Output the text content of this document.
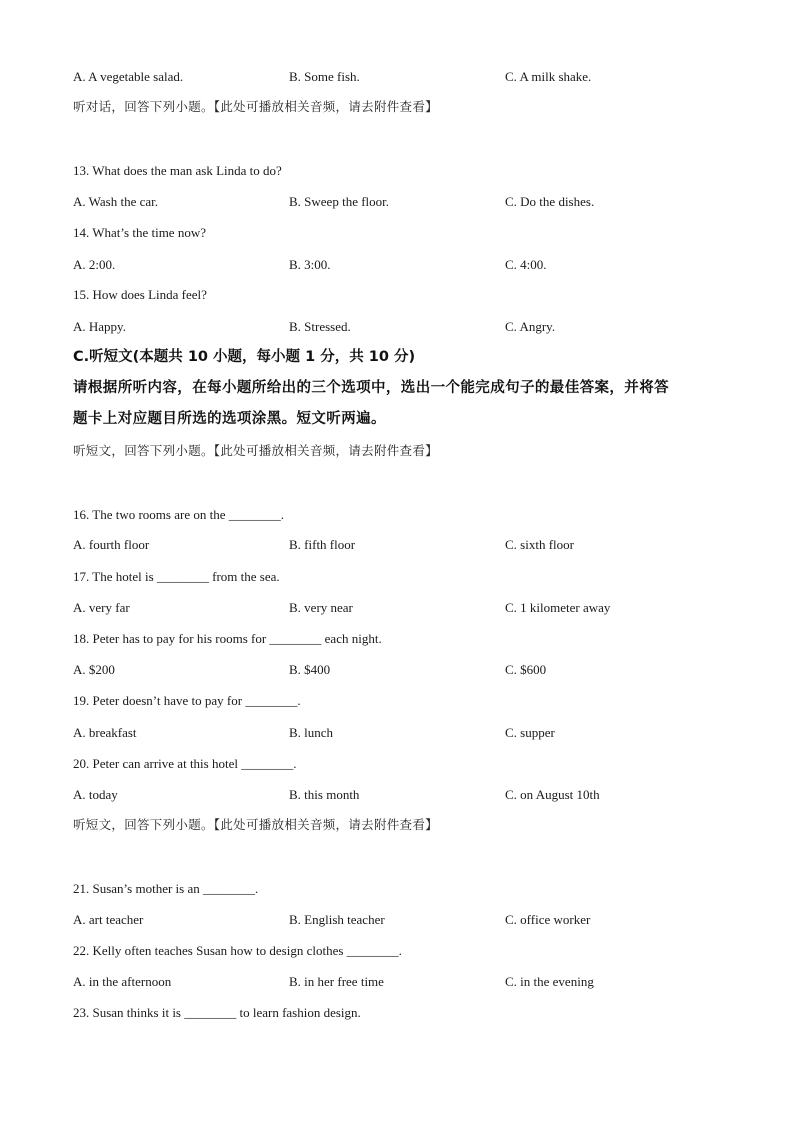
A. A vegetable salad.	B. Some fish.	C. A milk shake.
听对话，回答下列小题。【此处可播放相关音频，请去附件查看】
13. What does the man ask Linda to do?
A. Wash the car.	B. Sweep the floor.	C. Do the dishes.
14. What’s the time now?
A. 2:00.	B. 3:00.	C. 4:00.
15. How does Linda feel?
A. Happy.	B. Stressed.	C. Angry.
C.听短文(本题共 10 小题，每小题 1 分，共 10 分)
请根据所听内容，在每小题所给出的三个选项中，选出一个能完成句子的最佳答案，并将答
题卡上对应题目所选的选项涂黑。短文听两遍。
听短文，回答下列小题。【此处可播放相关音频，请去附件查看】
16. The two rooms are on the ________.
A. fourth floor	B. fifth floor	C. sixth floor
17. The hotel is ________ from the sea.
A. very far	B. very near	C. 1 kilometer away
18. Peter has to pay for his rooms for ________ each night.
A. $200	B. $400	C. $600
19. Peter doesn’t have to pay for ________.
A. breakfast	B. lunch	C. supper
20. Peter can arrive at this hotel ________.
A. today	B. this month	C. on August 10th
听短文，回答下列小题。【此处可播放相关音频，请去附件查看】
21. Susan’s mother is an ________.
A. art teacher	B. English teacher	C. office worker
22. Kelly often teaches Susan how to design clothes ________.
A. in the afternoon	B. in her free time	C. in the evening
23. Susan thinks it is ________ to learn fashion design.
